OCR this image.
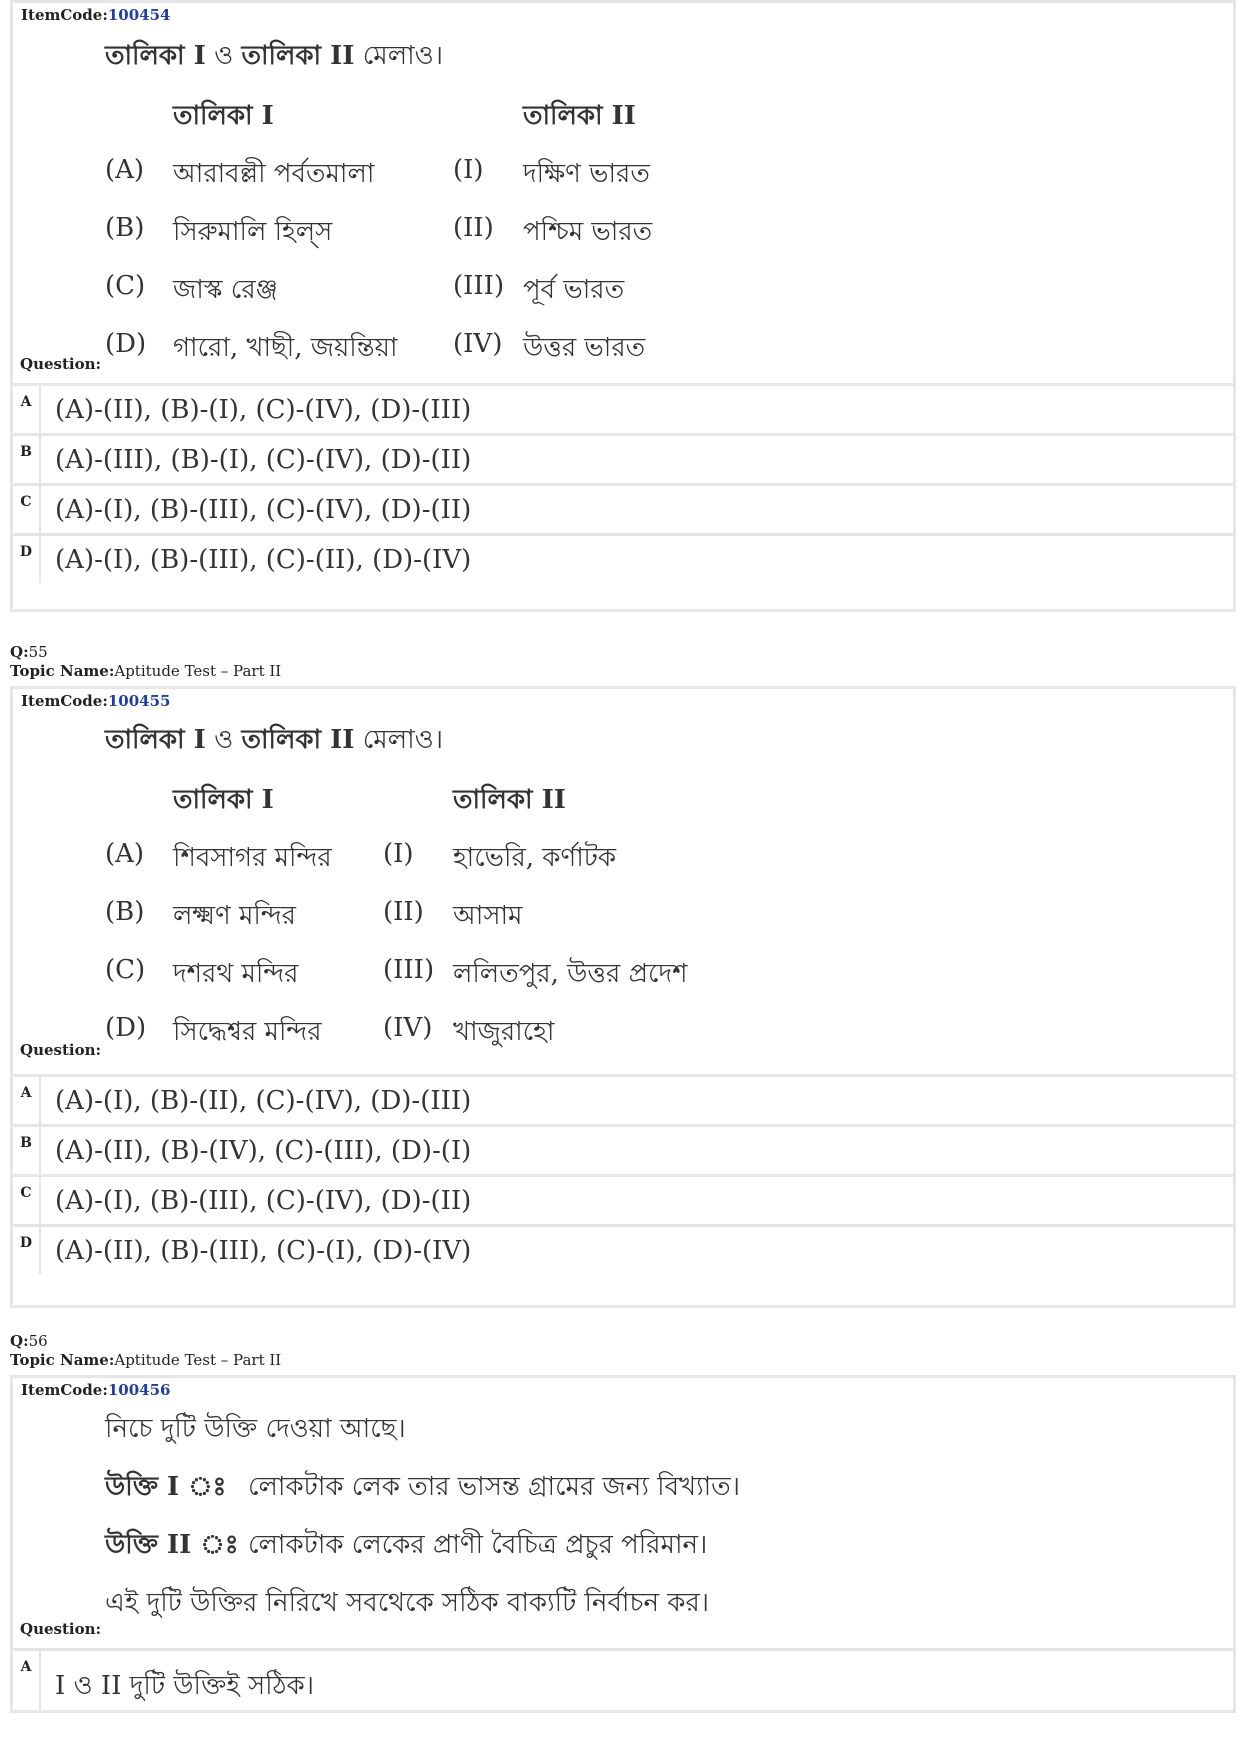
ItemCode:100454
তালিকা I ও তালিকা II মেলাও।
তালিকা I	তালিকা II
(A) আরাবল্লী পর্বতমালা	(I) দক্ষিণ ভারত
(B) সিরুমালি হিল্‌স	(II) পশ্চিম ভারত
(C) জাস্ক রেঞ্জ	(III) পূর্ব ভারত
(D) গারো, খাছী, জয়ন্তিয়া (IV) উত্তর ভারত
Question:
A (A)-(II), (B)-(I), (C)-(IV), (D)-(III)
B (A)-(III), (B)-(I), (C)-(IV), (D)-(II)
C (A)-(I), (B)-(III), (C)-(IV), (D)-(II)
D (A)-(I), (B)-(III), (C)-(II), (D)-(IV)
Q:55
Topic Name:Aptitude Test – Part II
ItemCode:100455
তালিকা I ও তালিকা II মেলাও।
তালিকা I	তালিকা II
(A) শিবসাগর মন্দির (I) হাভেরি, কর্ণাটক
(B) লক্ষ্মণ মন্দির	(II) আসাম
(C) দশরথ মন্দির	(III) ললিতপুর, উত্তর প্রদেশ
(D) সিদ্ধেশ্বর মন্দির (IV) খাজুরাহো
Question:
A (A)-(I), (B)-(II), (C)-(IV), (D)-(III)
B (A)-(II), (B)-(IV), (C)-(III), (D)-(I)
C (A)-(I), (B)-(III), (C)-(IV), (D)-(II)
D (A)-(II), (B)-(III), (C)-(I), (D)-(IV)
Q:56
Topic Name:Aptitude Test – Part II
ItemCode:100456
নিচে দুটি উক্তি দেওয়া আছে।
উক্তি I ঃ লোকটাক লেক তার ভাসন্ত গ্রামের জন্য বিখ্যাত।
উক্তি II ঃ লোকটাক লেকের প্রাণী বৈচিত্র প্রচুর পরিমান।
এই দুটি উক্তির নিরিখে সবথেকে সঠিক বাক্যটি নির্বাচন কর।
Question:
A
I ও II দুটি উক্তিই সঠিক।
